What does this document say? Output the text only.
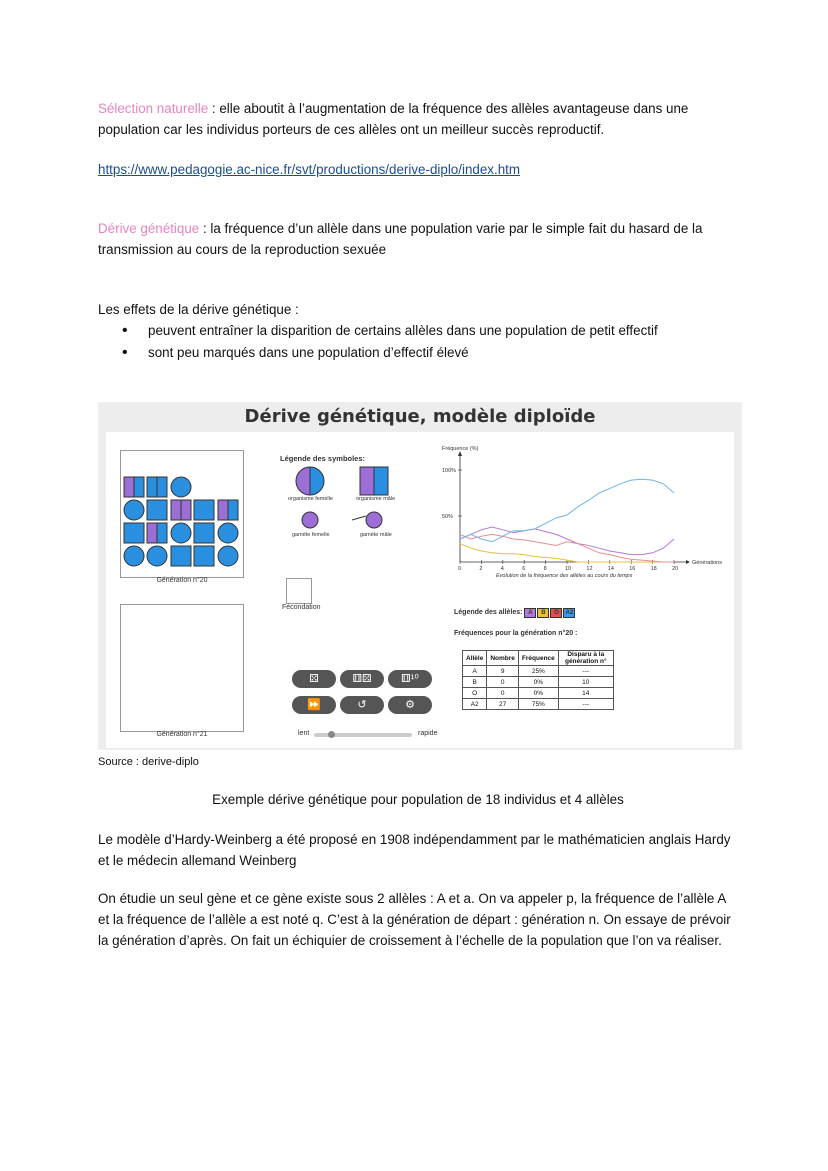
Sélection naturelle : elle aboutit à l’augmentation de la fréquence des allèles avantageuse dans une population car les individus porteurs de ces allèles ont un meilleur succès reproductif.
https://www.pedagogie.ac-nice.fr/svt/productions/derive-diplo/index.htm
Dérive génétique : la fréquence d’un allèle dans une population varie par le simple fait du hasard de la transmission au cours de la reproduction sexuée
Les effets de la dérive génétique :
• peuvent entraîner la disparition de certains allèles dans une population de petit effectif
• sont peu marqués dans une population d’effectif élevé
Dérive génétique, modèle diploïde
Génération n°20
Génération n°21
Légende des symboles:
organisme femelle	organisme mâle
gamète femelle	gamète mâle
Fécondation
⚄	⚅⚄	⚅¹⁰
⏩	↺	⚙
lent	rapide
Fréquence (%)
Générations
Evolution de la fréquence des allèles au cours du temps
0	2	4	6	8	10	12	14	16	18	20
50%
100%
Légende des allèles: A B O A2
Fréquences pour la génération n°20 :
Allèle	Nombre	Fréquence	Disparu à la génération n°
A	9	25%	---
B	0	0%	10
O	0	0%	14
A2	27	75%	---
Source : derive-diplo
Exemple dérive génétique pour population de 18 individus et 4 allèles
Le modèle d’Hardy-Weinberg a été proposé en 1908 indépendamment par le mathématicien anglais Hardy et le médecin allemand Weinberg
On étudie un seul gène et ce gène existe sous 2 allèles : A et a. On va appeler p, la fréquence de l’allèle A et la fréquence de l’allèle a est noté q. C’est à la génération de départ : génération n. On essaye de prévoir la génération d’après. On fait un échiquier de croissement à l’échelle de la population que l’on va réaliser.
